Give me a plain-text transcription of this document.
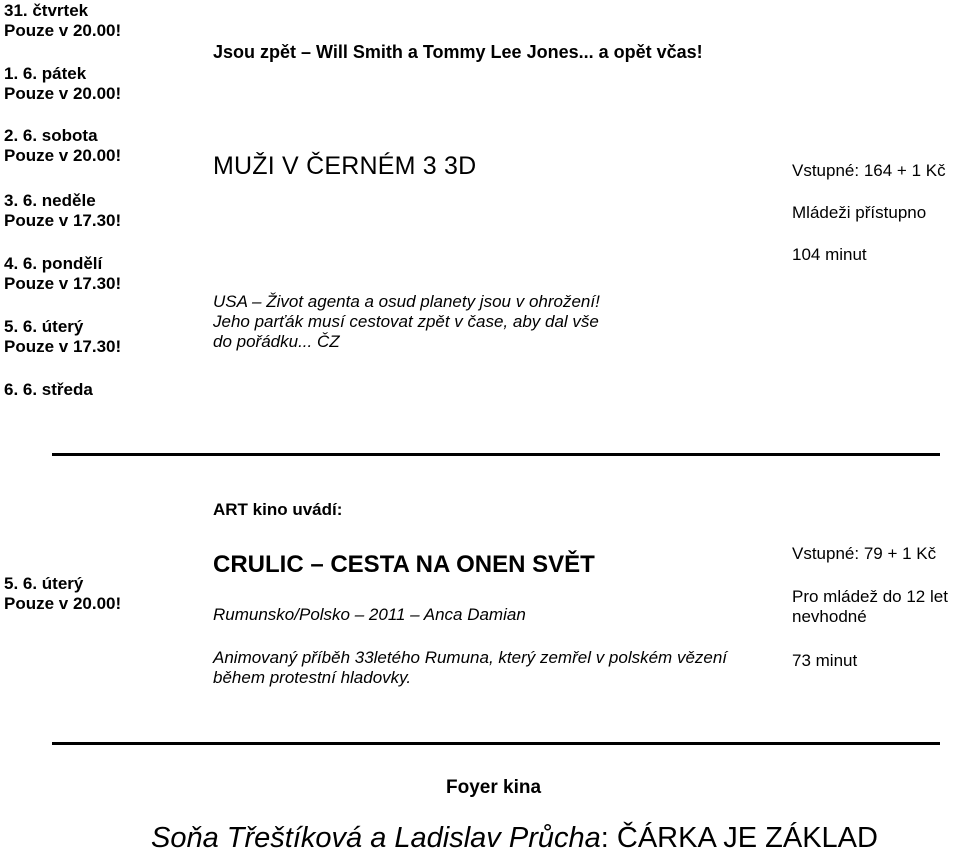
31. čtvrtek
Pouze v 20.00!
1. 6. pátek
Pouze v 20.00!
2. 6. sobota
Pouze v 20.00!
3. 6. neděle
Pouze v 17.30!
4. 6. pondělí
Pouze v 17.30!
5. 6. úterý
Pouze v 17.30!
6. 6. středa
Jsou zpět – Will Smith a Tommy Lee Jones... a opět včas!
MUŽI V ČERNÉM 3 3D
USA – Život agenta a osud planety jsou v ohrožení! Jeho parťák musí cestovat zpět v čase, aby dal vše do pořádku... ČZ
Vstupné: 164 + 1 Kč
Mládeži přístupno
104 minut
ART kino uvádí:
5. 6. úterý
Pouze v 20.00!
CRULIC – CESTA NA ONEN SVĚT
Rumunsko/Polsko – 2011 – Anca Damian
Animovaný příběh 33letého Rumuna, který zemřel v polském vězení během protestní hladovky.
Vstupné: 79 + 1 Kč
Pro mládež do 12 let nevhodné
73 minut
Foyer kina
Soňa Třeštíková a Ladislav Průcha: ČÁRKA JE ZÁKLAD
